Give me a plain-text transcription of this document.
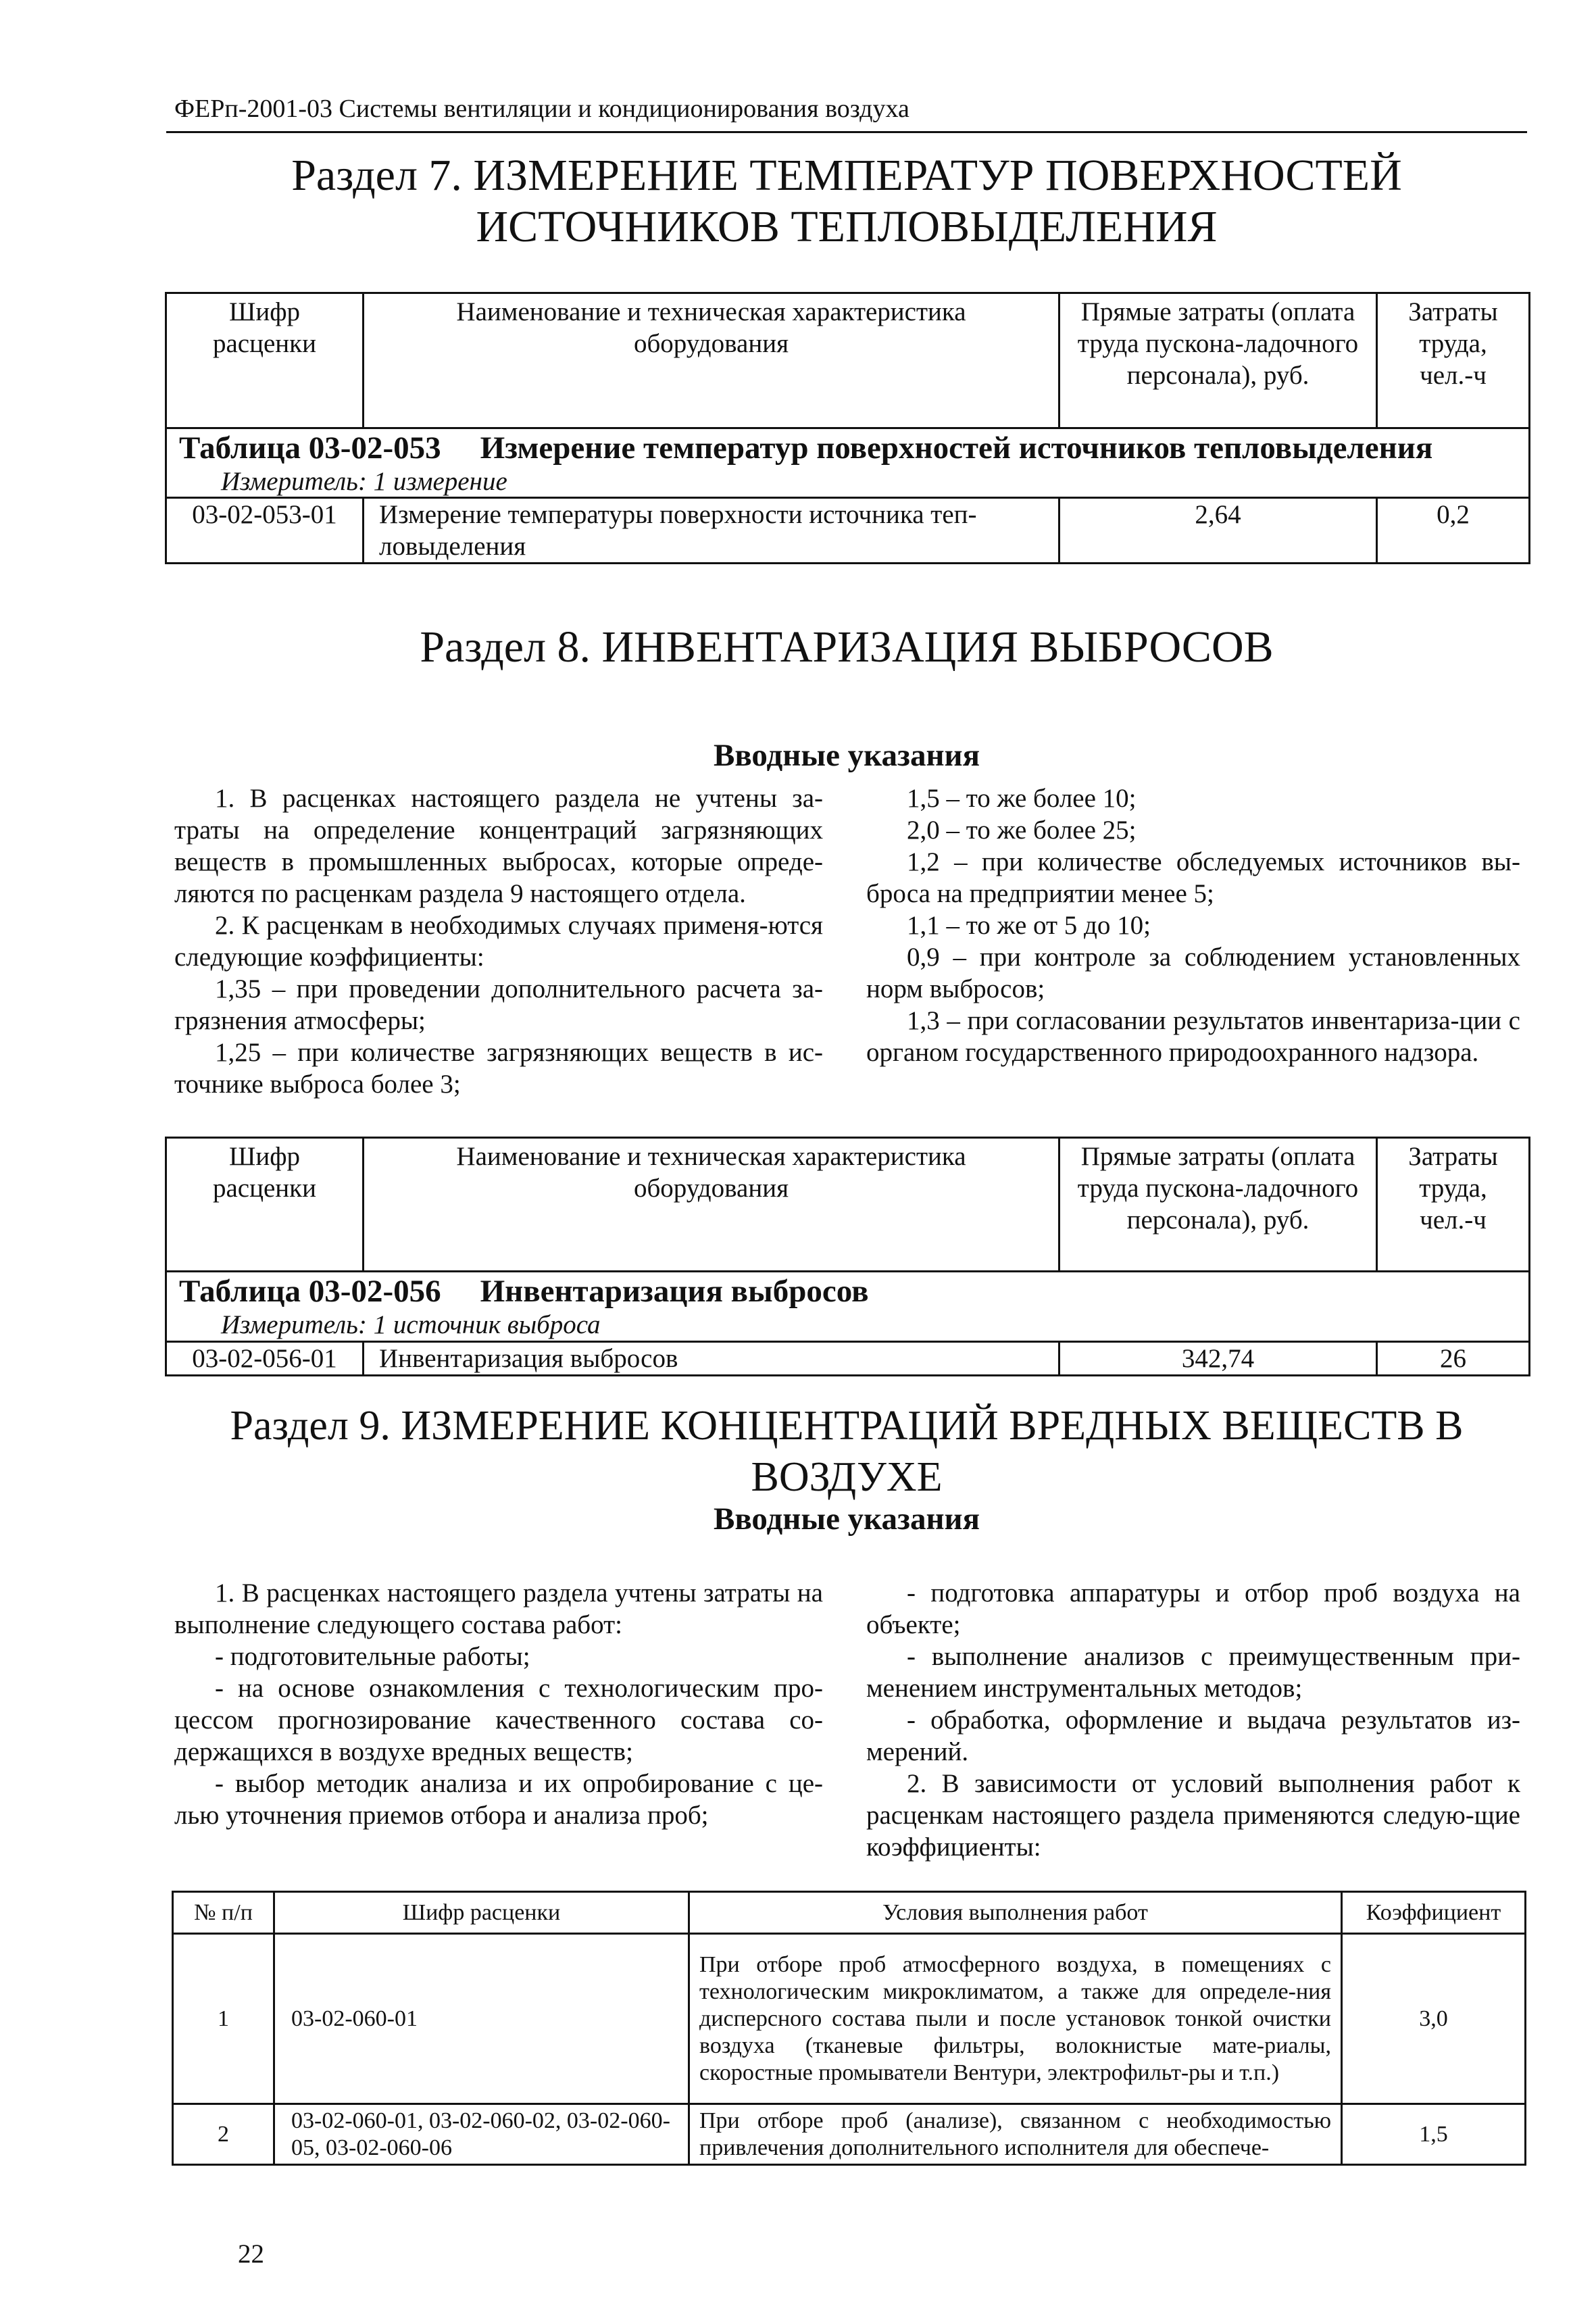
ФЕРп-2001-03 Системы вентиляции и кондиционирования воздуха
Раздел 7. ИЗМЕРЕНИЕ ТЕМПЕРАТУР ПОВЕРХНОСТЕЙ
ИСТОЧНИКОВ ТЕПЛОВЫДЕЛЕНИЯ
Шифр расценки	Наименование и техническая характеристика оборудования	Прямые затраты (оплата труда пускона-ладочного персонала), руб.	Затраты труда, чел.-ч

Таблица 03-02-053 Измерение температур поверхностей источников тепловыделения
Измеритель: 1 измерение			

03-02-053-01	Измерение температуры поверхности источника теп-ловыделения	2,64	0,2
Раздел 8. ИНВЕНТАРИЗАЦИЯ ВЫБРОСОВ
Вводные указания

1. В расценках настоящего раздела не учтены за-траты на определение концентраций загрязняющих веществ в промышленных выбросах, которые опреде-ляются по расценкам раздела 9 настоящего отдела.

2. К расценкам в необходимых случаях применя-ются следующие коэффициенты:

1,35 – при проведении дополнительного расчета за-грязнения атмосферы;

1,25 – при количестве загрязняющих веществ в ис-точнике выброса более 3;

1,5 – то же более 10;

2,0 – то же более 25;

1,2 – при количестве обследуемых источников вы-броса на предприятии менее 5;

1,1 – то же от 5 до 10;

0,9 – при контроле за соблюдением установленных норм выбросов;

1,3 – при согласовании результатов инвентариза-ции с органом государственного природоохранного надзора.

Шифр расценки	Наименование и техническая характеристика оборудования	Прямые затраты (оплата труда пускона-ладочного персонала), руб.	Затраты труда, чел.-ч

Таблица 03-02-056 Инвентаризация выбросов
Измеритель: 1 источник выброса			

03-02-056-01	Инвентаризация выбросов	342,74	26
Раздел 9. ИЗМЕРЕНИЕ КОНЦЕНТРАЦИЙ ВРЕДНЫХ ВЕЩЕСТВ В ВОЗДУХЕ
Вводные указания

1. В расценках настоящего раздела учтены затраты на выполнение следующего состава работ:

- подготовительные работы;

- на основе ознакомления с технологическим про-цессом прогнозирование качественного состава со-держащихся в воздухе вредных веществ;

- выбор методик анализа и их опробирование с це-лью уточнения приемов отбора и анализа проб;

- подготовка аппаратуры и отбор проб воздуха на объекте;

- выполнение анализов с преимущественным при-менением инструментальных методов;

- обработка, оформление и выдача результатов из-мерений.

2. В зависимости от условий выполнения работ к расценкам настоящего раздела применяются следую-щие коэффициенты:

№ п/п	Шифр расценки	Условия выполнения работ	Коэффициент
1	03-02-060-01	При отборе проб атмосферного воздуха, в помещениях с технологическим микроклиматом, а также для определе-ния дисперсного состава пыли и после установок тонкой очистки воздуха (тканевые фильтры, волокнистые мате-риалы, скоростные промыватели Вентури, электрофильт-ры и т.п.)	3,0
2	03-02-060-01, 03-02-060-02, 03-02-060-05, 03-02-060-06	При отборе проб (анализе), связанном с необходимостью привлечения дополнительного исполнителя для обеспече-	1,5
22
